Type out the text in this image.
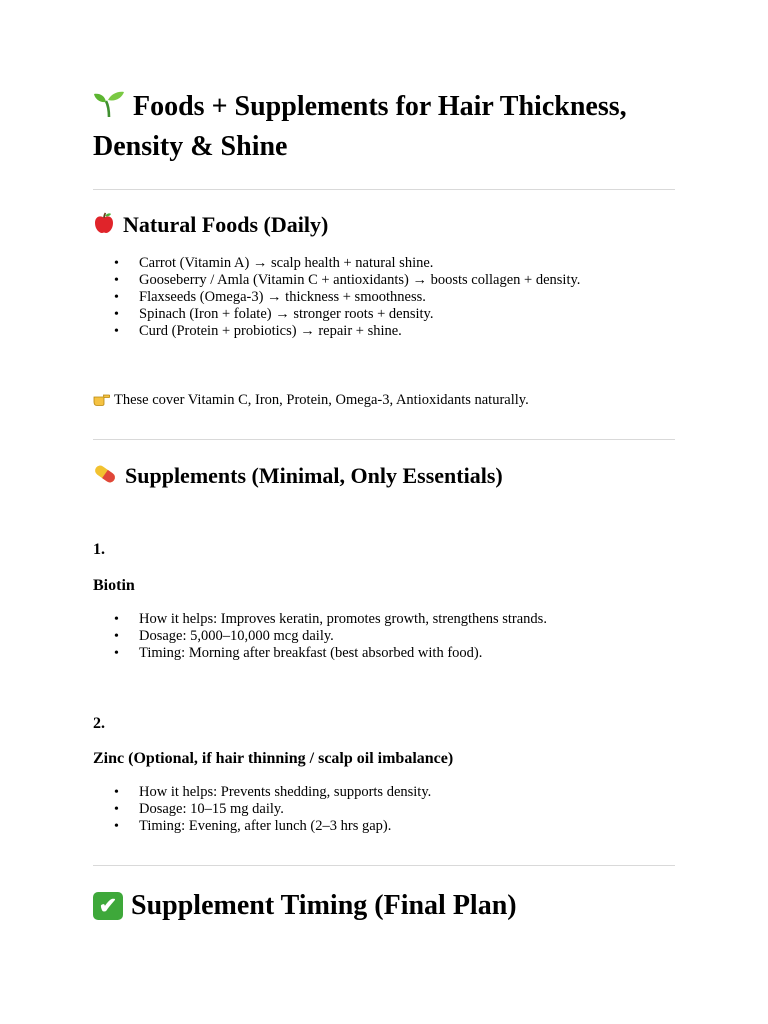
Foods + Supplements for Hair Thickness, Density & Shine
Natural Foods (Daily)
• Carrot (Vitamin A) → scalp health + natural shine.
• Gooseberry / Amla (Vitamin C + antioxidants) → boosts collagen + density.
• Flaxseeds (Omega-3) → thickness + smoothness.
• Spinach (Iron + folate) → stronger roots + density.
• Curd (Protein + probiotics) → repair + shine.
These cover Vitamin C, Iron, Protein, Omega-3, Antioxidants naturally.
Supplements (Minimal, Only Essentials)
1.
Biotin
• How it helps: Improves keratin, promotes growth, strengthens strands.
• Dosage: 5,000–10,000 mcg daily.
• Timing: Morning after breakfast (best absorbed with food).
2.
Zinc (Optional, if hair thinning / scalp oil imbalance)
• How it helps: Prevents shedding, supports density.
• Dosage: 10–15 mg daily.
• Timing: Evening, after lunch (2–3 hrs gap).
✔ Supplement Timing (Final Plan)
